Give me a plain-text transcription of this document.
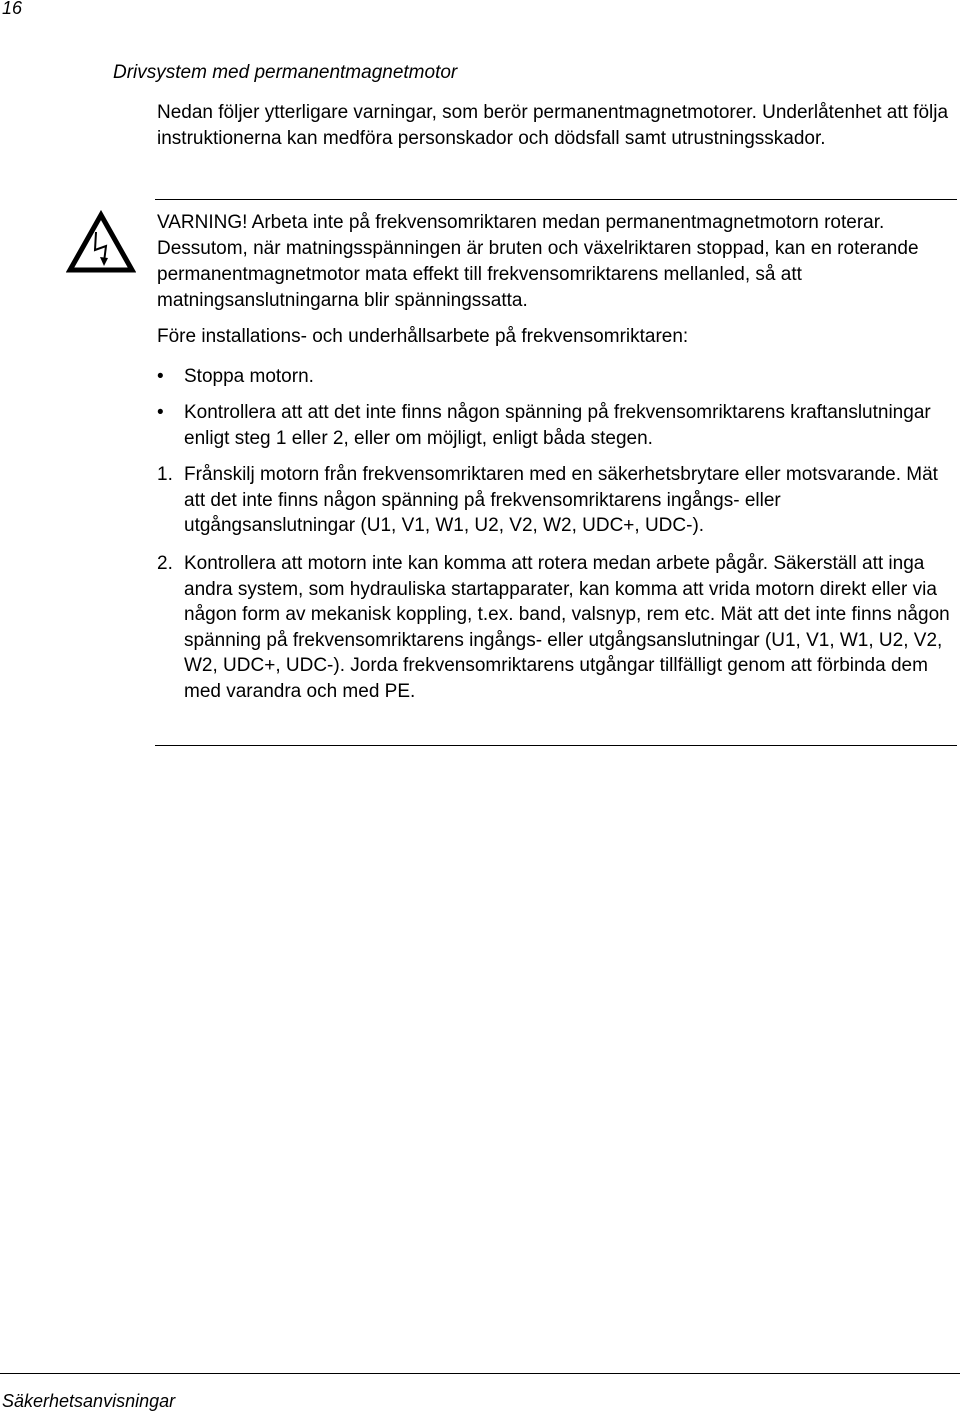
16
Drivsystem med permanentmagnetmotor

Nedan följer ytterligare varningar, som berör permanentmagnetmotorer. Underlåtenhet att följa instruktionerna kan medföra personskador och dödsfall samt utrustningsskador.

VARNING! Arbeta inte på frekvensomriktaren medan permanentmagnetmotorn roterar. Dessutom, när matningsspänningen är bruten och växelriktaren stoppad, kan en roterande permanentmagnetmotor mata effekt till frekvensomriktarens mellanled, så att matningsanslutningarna blir spänningssatta.

Före installations- och underhållsarbete på frekvensomriktaren:
• Stoppa motorn.
• Kontrollera att att det inte finns någon spänning på frekvensomriktarens kraftanslutningar enligt steg 1 eller 2, eller om möjligt, enligt båda stegen.
1. Frånskilj motorn från frekvensomriktaren med en säkerhetsbrytare eller motsvarande. Mät att det inte finns någon spänning på frekvensomriktarens ingångs- eller utgångsanslutningar (U1, V1, W1, U2, V2, W2, UDC+, UDC-).
2. Kontrollera att motorn inte kan komma att rotera medan arbete pågår. Säkerställ att inga andra system, som hydrauliska startapparater, kan komma att vrida motorn direkt eller via någon form av mekanisk koppling, t.ex. band, valsnyp, rem etc. Mät att det inte finns någon spänning på frekvensomriktarens ingångs- eller utgångsanslutningar (U1, V1, W1, U2, V2, W2, UDC+, UDC-). Jorda frekvensomriktarens utgångar tillfälligt genom att förbinda dem med varandra och med PE.
Säkerhetsanvisningar
